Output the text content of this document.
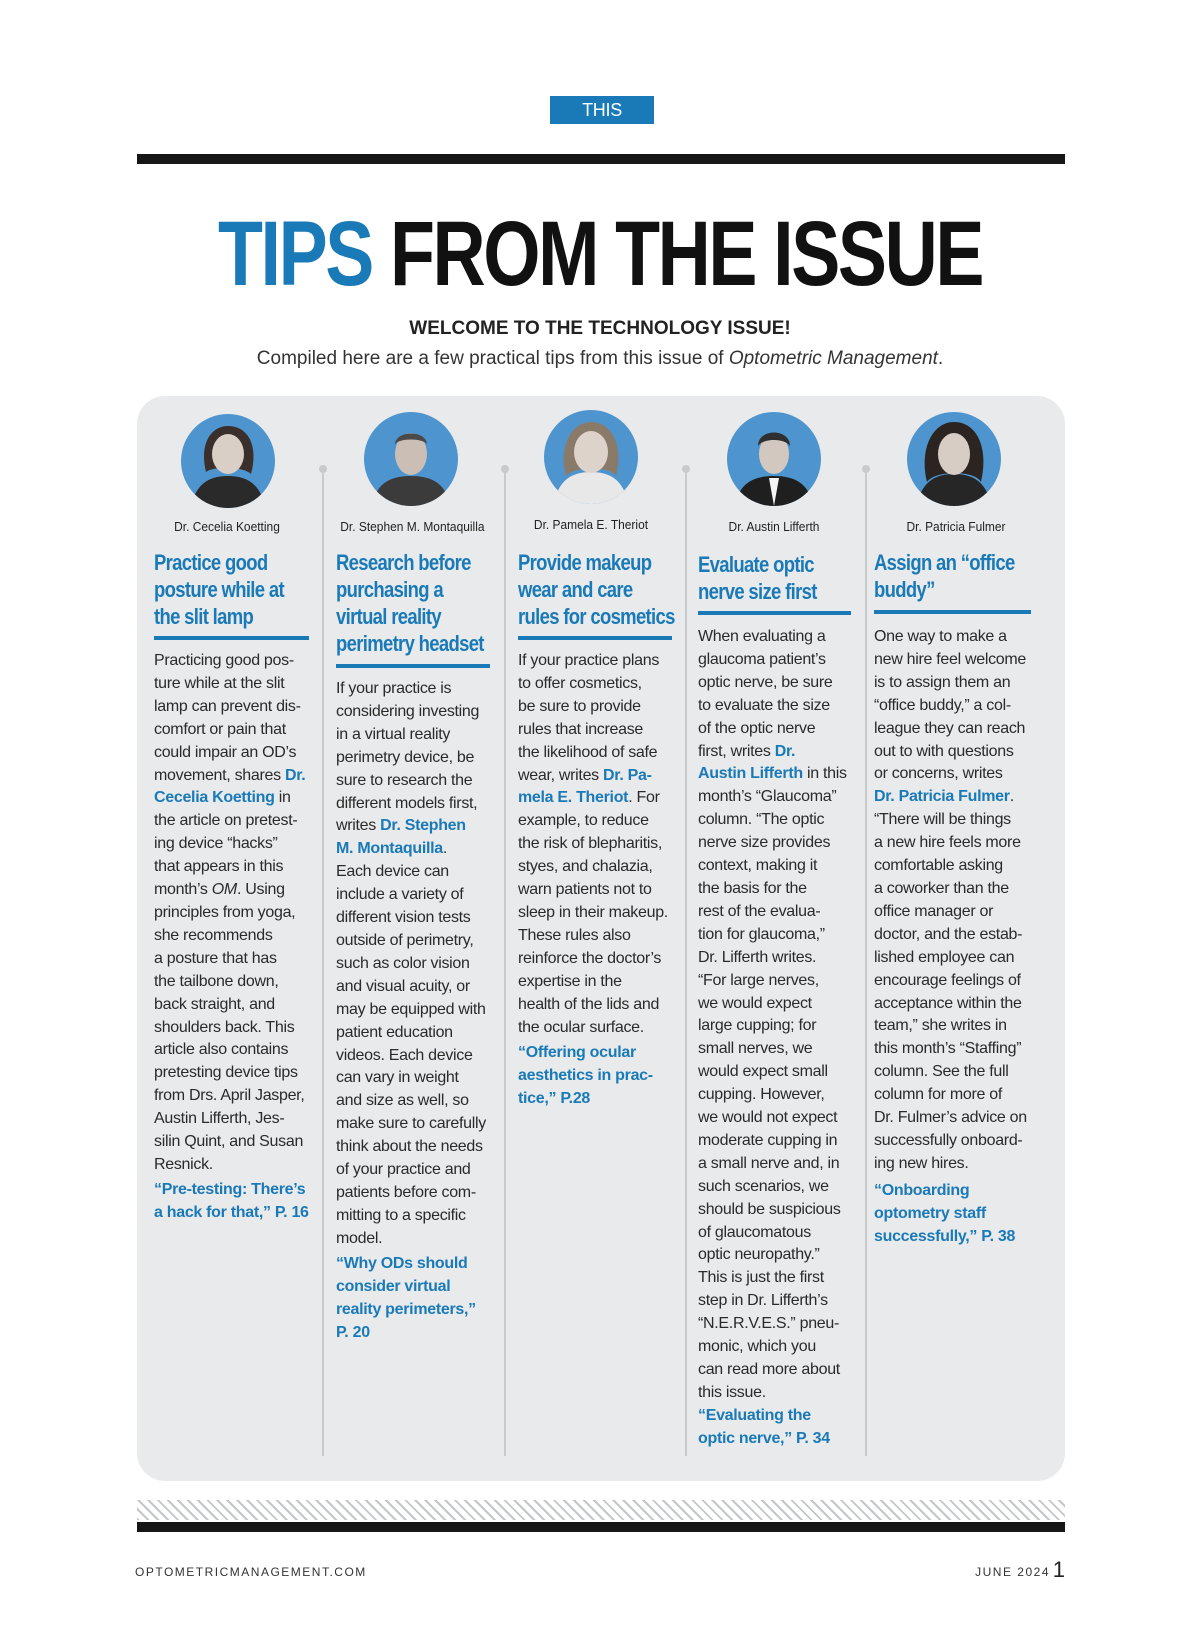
THIS MONTH
TIPS FROM THE ISSUE
WELCOME TO THE TECHNOLOGY ISSUE!
Compiled here are a few practical tips from this issue of Optometric Management.
Dr. Cecelia Koetting
Practice good posture while at the slit lamp
Practicing good pos-
ture while at the slit
lamp can prevent dis-
comfort or pain that
could impair an OD’s
movement, shares Dr.
Cecelia Koetting in
the article on pretest-
ing device “hacks”
that appears in this
month’s OM. Using
principles from yoga,
she recommends
a posture that has
the tailbone down,
back straight, and
shoulders back. This
article also contains
pretesting device tips
from Drs. April Jasper,
Austin Lifferth, Jes-
silin Quint, and Susan
Resnick.
“Pre-testing: There’s
a hack for that,” P. 16
Dr. Stephen M. Montaquilla
Research before purchasing a virtual reality perimetry headset
If your practice is
considering investing
in a virtual reality
perimetry device, be
sure to research the
different models first,
writes Dr. Stephen
M. Montaquilla.
Each device can
include a variety of
different vision tests
outside of perimetry,
such as color vision
and visual acuity, or
may be equipped with
patient education
videos. Each device
can vary in weight
and size as well, so
make sure to carefully
think about the needs
of your practice and
patients before com-
mitting to a specific
model.
“Why ODs should
consider virtual
reality perimeters,”
P. 20
Dr. Pamela E. Theriot
Provide makeup wear and care rules for cosmetics
If your practice plans
to offer cosmetics,
be sure to provide
rules that increase
the likelihood of safe
wear, writes Dr. Pa-
mela E. Theriot. For
example, to reduce
the risk of blepharitis,
styes, and chalazia,
warn patients not to
sleep in their makeup.
These rules also
reinforce the doctor’s
expertise in the
health of the lids and
the ocular surface.
“Offering ocular
aesthetics in prac-
tice,” P.28
Dr. Austin Lifferth
Evaluate optic nerve size first
When evaluating a
glaucoma patient’s
optic nerve, be sure
to evaluate the size
of the optic nerve
first, writes Dr.
Austin Lifferth in this
month’s “Glaucoma”
column. “The optic
nerve size provides
context, making it
the basis for the
rest of the evalua-
tion for glaucoma,”
Dr. Lifferth writes.
“For large nerves,
we would expect
large cupping; for
small nerves, we
would expect small
cupping. However,
we would not expect
moderate cupping in
a small nerve and, in
such scenarios, we
should be suspicious
of glaucomatous
optic neuropathy.”
This is just the first
step in Dr. Lifferth’s
“N.E.R.V.E.S.” pneu-
monic, which you
can read more about
this issue.
“Evaluating the
optic nerve,” P. 34
Dr. Patricia Fulmer
Assign an “office buddy”
One way to make a
new hire feel welcome
is to assign them an
“office buddy,” a col-
league they can reach
out to with questions
or concerns, writes
Dr. Patricia Fulmer.
“There will be things
a new hire feels more
comfortable asking
a coworker than the
office manager or
doctor, and the estab-
lished employee can
encourage feelings of
acceptance within the
team,” she writes in
this month’s “Staffing”
column. See the full
column for more of
Dr. Fulmer’s advice on
successfully onboard-
ing new hires.
“Onboarding
optometry staff
successfully,” P. 38
OPTOMETRICMANAGEMENT.COM	JUNE 2024 1
